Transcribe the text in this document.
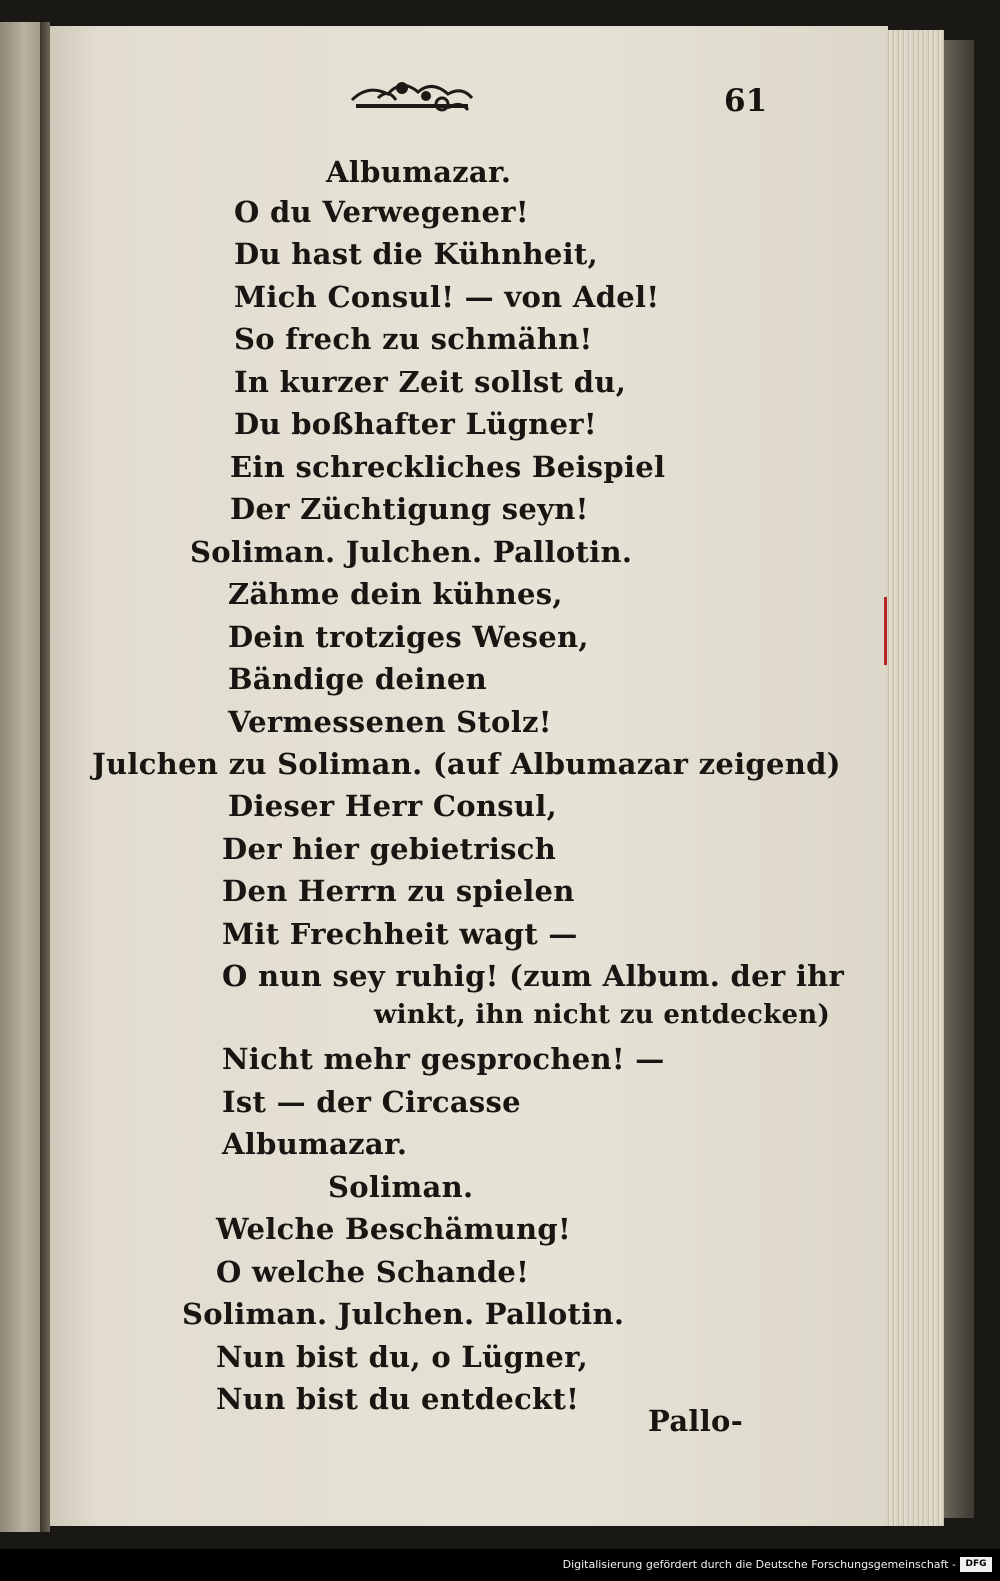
61
Albumazar.
O du Verwegener!
Du hast die Kühnheit,
Mich Consul! — von Adel!
So frech zu schmähn!
In kurzer Zeit sollst du,
Du boßhafter Lügner!
Ein schreckliches Beispiel
Der Züchtigung seyn!
Soliman. Julchen. Pallotin.
Zähme dein kühnes,
Dein trotziges Wesen,
Bändige deinen
Vermessenen Stolz!
Julchen zu Soliman. (auf Albumazar zeigend)
Dieser Herr Consul,
Der hier gebietrisch
Den Herrn zu spielen
Mit Frechheit wagt —
O nun sey ruhig! (zum Album. der ihr
winkt, ihn nicht zu entdecken)
Nicht mehr gesprochen! —
Ist — der Circasse
Albumazar.
Soliman.
Welche Beschämung!
O welche Schande!
Soliman. Julchen. Pallotin.
Nun bist du, o Lügner,
Nun bist du entdeckt!
Pallo-
Digitalisierung gefördert durch die Deutsche Forschungsgemeinschaft -	DFG
